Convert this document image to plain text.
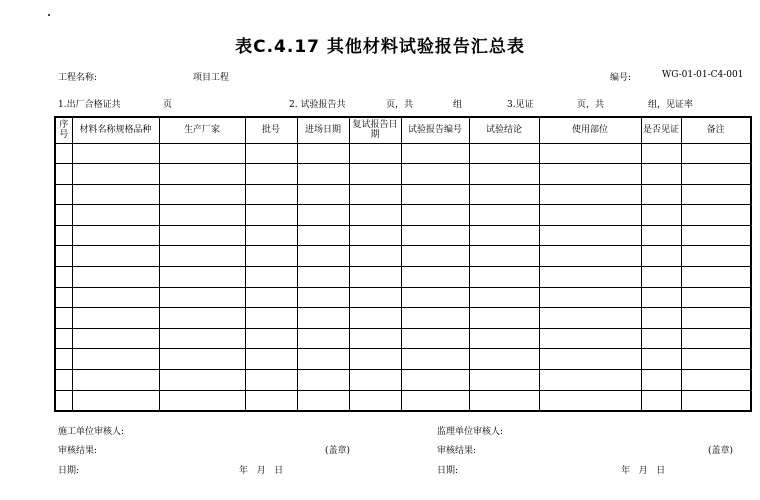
表C.4.17 其他材料试验报告汇总表
工程名称:	项目工程	编号:	WG-01-01-C4-001
1.出厂合格证共	页	2. 试验报告共	页，共	组	3.见证	页，共	组，见证率
序号	材料名称规格品种	生产厂家	批号	进场日期	复试报告日期	试验报告编号	试验结论	使用部位	是否见证	备注

施工单位审核人:	监理单位审核人:
审核结果:	(盖章)	审核结果:	(盖章)
日期:	年   月   日	日期:	年   月   日
